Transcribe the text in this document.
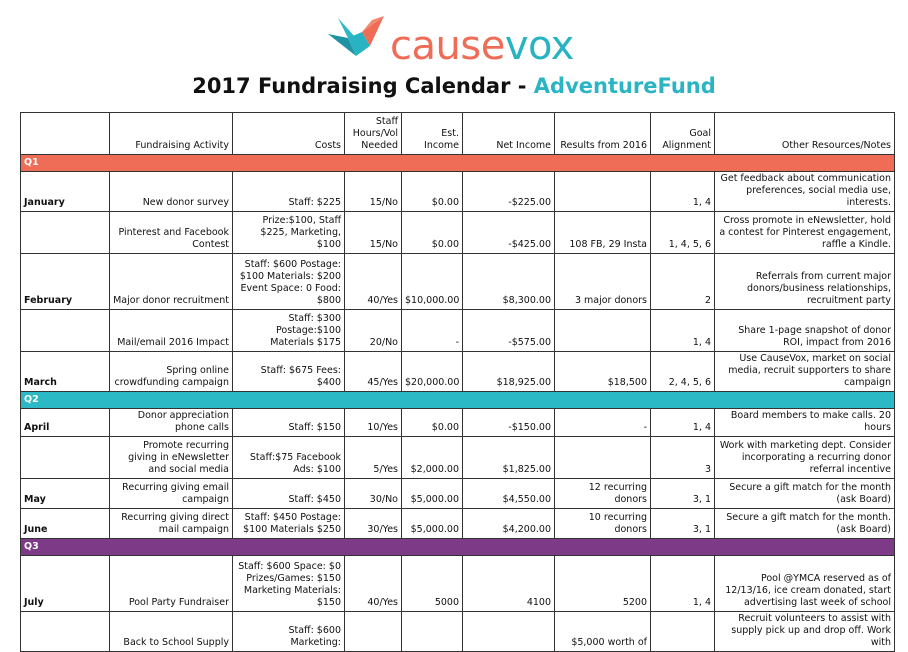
causevox
2017 Fundraising Calendar - AdventureFund
	Fundraising Activity	Costs	Staff Hours/Vol Needed	Est. Income	Net Income	Results from 2016	Goal Alignment	Other Resources/Notes
Q1								
January	New donor survey	Staff: $225	15/No	$0.00	-$225.00		1, 4	Get feedback about communication preferences, social media use, interests.
	Pinterest and Facebook Contest	Prize:$100, Staff $225, Marketing, $100	15/No	$0.00	-$425.00	108 FB, 29 Insta	1, 4, 5, 6	Cross promote in eNewsletter, hold a contest for Pinterest engagement, raffle a Kindle.
February	Major donor recruitment	Staff: $600 Postage: $100 Materials: $200 Event Space: 0 Food: $800	40/Yes	$10,000.00	$8,300.00	3 major donors	2	Referrals from current major donors/business relationships, recruitment party
	Mail/email 2016 Impact	Staff: $300 Postage:$100 Materials $175	20/No	-	-$575.00		1, 4	Share 1-page snapshot of donor ROI, impact from 2016
March	Spring online crowdfunding campaign	Staff: $675 Fees: $400	45/Yes	$20,000.00	$18,925.00	$18,500	2, 4, 5, 6	Use CauseVox, market on social media, recruit supporters to share campaign
Q2								
April	Donor appreciation phone calls	Staff: $150	10/Yes	$0.00	-$150.00	-	1, 4	Board members to make calls. 20 hours
	Promote recurring giving in eNewsletter and social media	Staff:$75 Facebook Ads: $100	5/Yes	$2,000.00	$1,825.00		3	Work with marketing dept. Consider incorporating a recurring donor referral incentive
May	Recurring giving email campaign	Staff: $450	30/No	$5,000.00	$4,550.00	12 recurring donors	3, 1	Secure a gift match for the month (ask Board)
June	Recurring giving direct mail campaign	Staff: $450 Postage: $100 Materials $250	30/Yes	$5,000.00	$4,200.00	10 recurring donors	3, 1	Secure a gift match for the month. (ask Board)
Q3								
July	Pool Party Fundraiser	Staff: $600 Space: $0 Prizes/Games: $150 Marketing Materials: $150	40/Yes	5000	4100	5200	1, 4	Pool @YMCA reserved as of 12/13/16, ice cream donated, start advertising last week of school
	Back to School Supply	Staff: $600 Marketing:				$5,000 worth of		Recruit volunteers to assist with supply pick up and drop off. Work with
